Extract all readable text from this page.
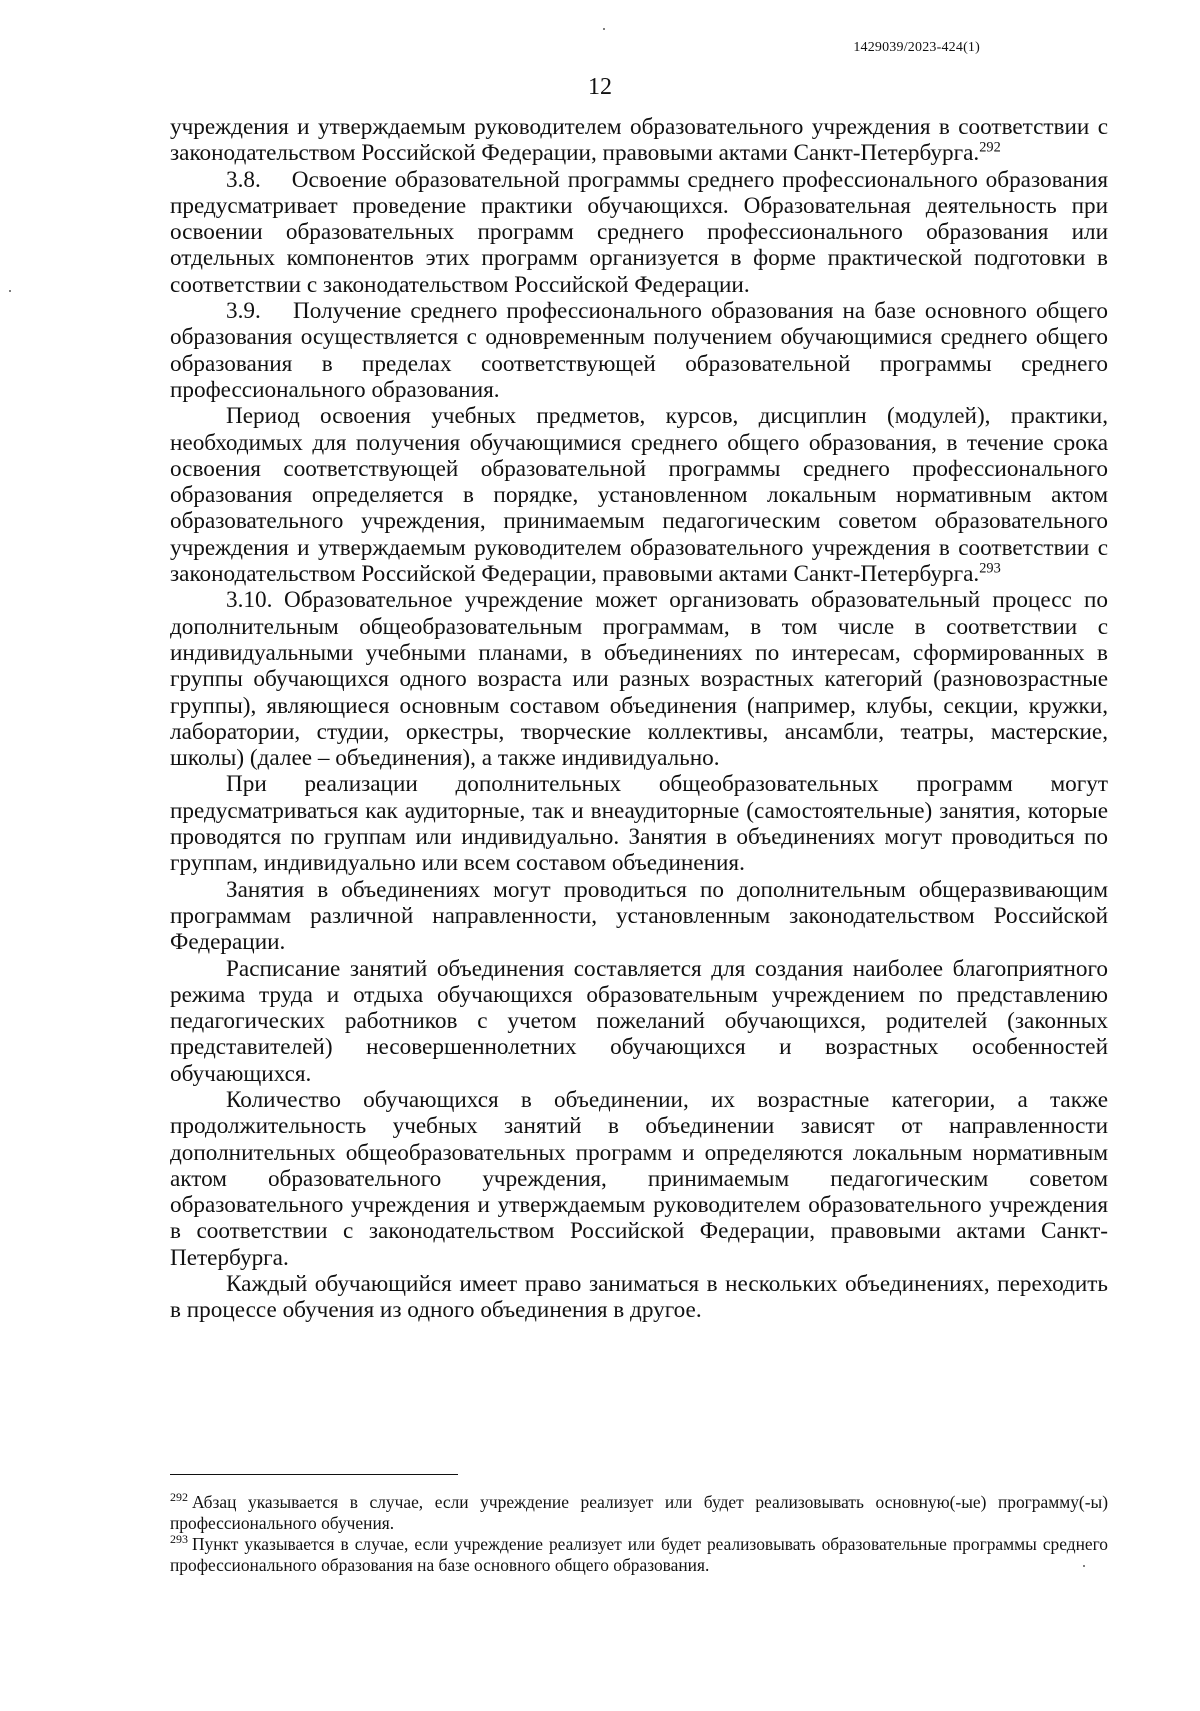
1429039/2023-424(1)
12

учреждения и утверждаемым руководителем образовательного учреждения в соответствии с законодательством Российской Федерации, правовыми актами Санкт-Петербурга.$^{292}$

3.8.  Освоение образовательной программы среднего профессионального образования предусматривает проведение практики обучающихся. Образовательная деятельность при освоении образовательных программ среднего профессионального образования или отдельных компонентов этих программ организуется в форме практической подготовки в соответствии с законодательством Российской Федерации.

3.9.  Получение среднего профессионального образования на базе основного общего образования осуществляется с одновременным получением обучающимися среднего общего образования в пределах соответствующей образовательной программы среднего профессионального образования.

Период освоения учебных предметов, курсов, дисциплин (модулей), практики, необходимых для получения обучающимися среднего общего образования, в течение срока освоения соответствующей образовательной программы среднего профессионального образования определяется в порядке, установленном локальным нормативным актом образовательного учреждения, принимаемым педагогическим советом образовательного учреждения и утверждаемым руководителем образовательного учреждения в соответствии с законодательством Российской Федерации, правовыми актами Санкт-Петербурга.$^{293}$

3.10. Образовательное учреждение может организовать образовательный процесс по дополнительным общеобразовательным программам, в том числе в соответствии с индивидуальными учебными планами, в объединениях по интересам, сформированных в группы обучающихся одного возраста или разных возрастных категорий (разновозрастные группы), являющиеся основным составом объединения (например, клубы, секции, кружки, лаборатории, студии, оркестры, творческие коллективы, ансамбли, театры, мастерские, школы) (далее – объединения), а также индивидуально.

При реализации дополнительных общеобразовательных программ могут предусматриваться как аудиторные, так и внеаудиторные (самостоятельные) занятия, которые проводятся по группам или индивидуально. Занятия в объединениях могут проводиться по группам, индивидуально или всем составом объединения.

Занятия в объединениях могут проводиться по дополнительным общеразвивающим программам различной направленности, установленным законодательством Российской Федерации.

Расписание занятий объединения составляется для создания наиболее благоприятного режима труда и отдыха обучающихся образовательным учреждением по представлению педагогических работников с учетом пожеланий обучающихся, родителей (законных представителей) несовершеннолетних обучающихся и возрастных особенностей обучающихся.

Количество обучающихся в объединении, их возрастные категории, а также продолжительность учебных занятий в объединении зависят от направленности дополнительных общеобразовательных программ и определяются локальным нормативным актом образовательного учреждения, принимаемым педагогическим советом образовательного учреждения и утверждаемым руководителем образовательного учреждения в соответствии с законодательством Российской Федерации, правовыми актами Санкт-Петербурга.

Каждый обучающийся имеет право заниматься в нескольких объединениях, переходить в процессе обучения из одного объединения в другое.

$^{292}$ Абзац указывается в случае, если учреждение реализует или будет реализовывать основную(-ые) программу(-ы) профессионального обучения.

$^{293}$ Пункт указывается в случае, если учреждение реализует или будет реализовывать образовательные программы среднего профессионального образования на базе основного общего образования.
